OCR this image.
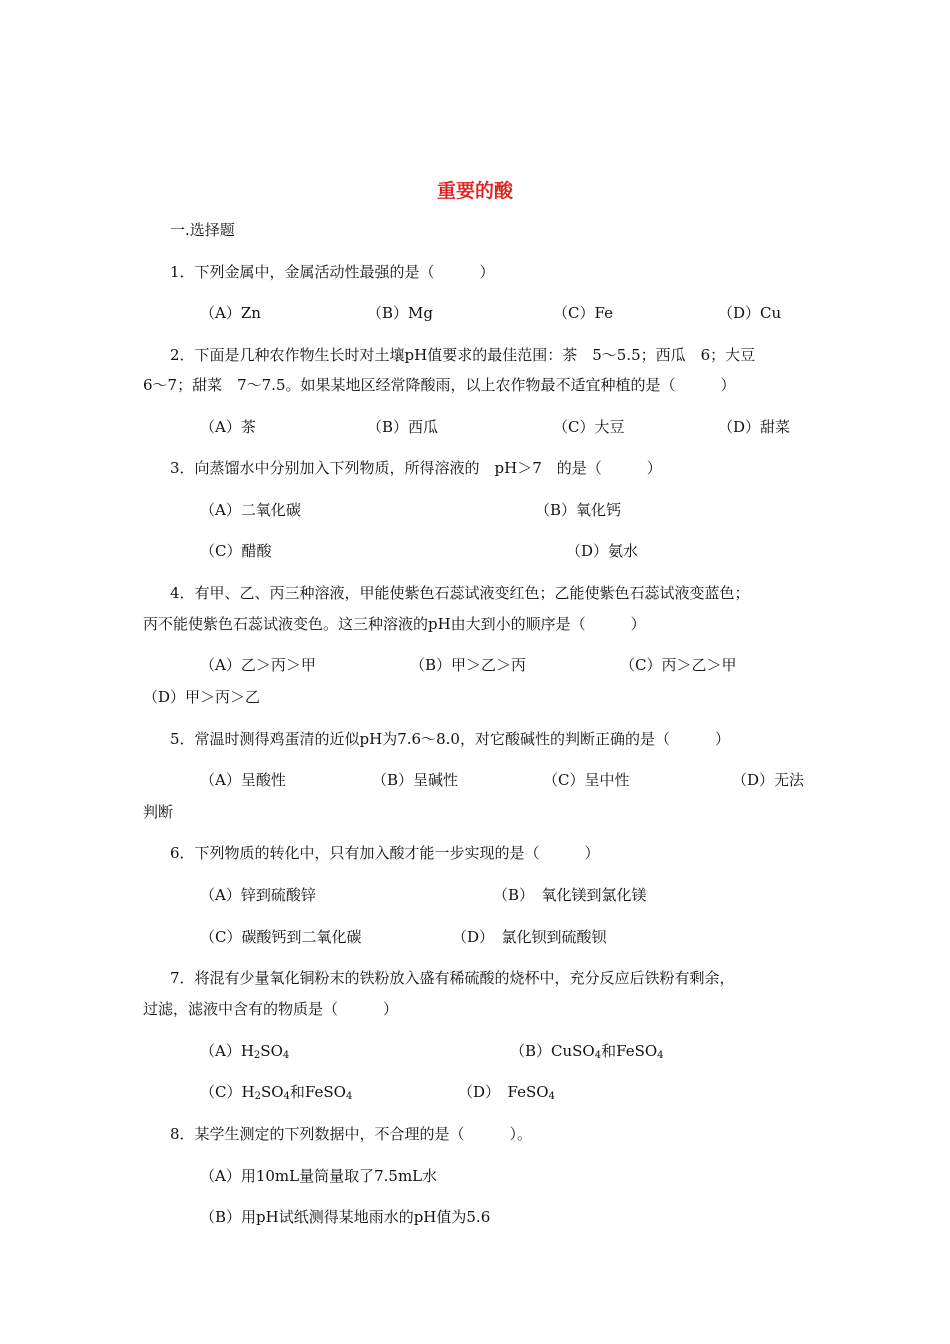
重要的酸
一.选择题
1．下列金属中，金属活动性最强的是（　　　）
（A）Zn	（B）Mg	（C）Fe	（D）Cu
2．下面是几种农作物生长时对土壤pH值要求的最佳范围：茶　5～5.5；西瓜　6；大豆
6～7；甜菜　7～7.5。如果某地区经常降酸雨，以上农作物最不适宜种植的是（　　　）
（A）茶	（B）西瓜	（C）大豆	（D）甜菜
3．向蒸馏水中分别加入下列物质，所得溶液的　pH＞7　的是（　　　）
（A）二氧化碳	（B）氧化钙
（C）醋酸	（D）氨水
4．有甲、乙、丙三种溶液，甲能使紫色石蕊试液变红色；乙能使紫色石蕊试液变蓝色；
丙不能使紫色石蕊试液变色。这三种溶液的pH由大到小的顺序是（　　　）
（A）乙＞丙＞甲	（B）甲＞乙＞丙	（C）丙＞乙＞甲
（D）甲＞丙＞乙
5．常温时测得鸡蛋清的近似pH为7.6～8.0，对它酸碱性的判断正确的是（　　　）
（A）呈酸性	（B）呈碱性	（C）呈中性	（D）无法
判断
6．下列物质的转化中，只有加入酸才能一步实现的是（　　　）
（A）锌到硫酸锌	（B）　氧化镁到氯化镁
（C）碳酸钙到二氧化碳	（D）　氯化钡到硫酸钡
7．将混有少量氧化铜粉末的铁粉放入盛有稀硫酸的烧杯中，充分反应后铁粉有剩余，
过滤，滤液中含有的物质是（　　　）
$(A)H_2SO_4$	（B）CuSO$_4$和FeSO$_4$
$(C)H_2SO_4$和FeSO$_4$	（D）　FeSO$_4$
8．某学生测定的下列数据中，不合理的是（　　　）。
（A）用10mL量筒量取了7.5mL水
（B）用pH试纸测得某地雨水的pH值为5.6
